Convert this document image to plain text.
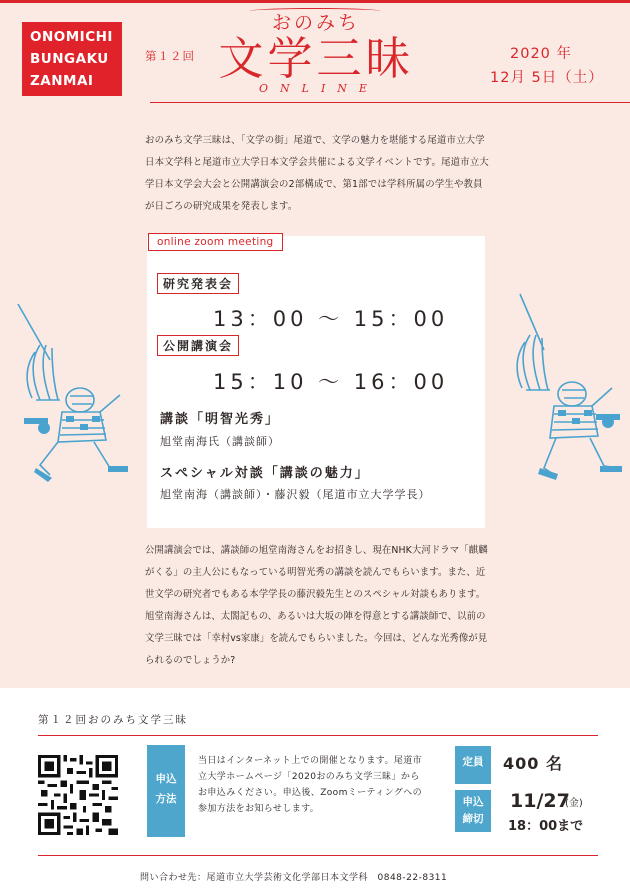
ONOMICHI
BUNGAKU
ZANMAI
第１２回
おのみち
文学三昧
ONLINE
2020 年
12月 5日（土）
おのみち文学三昧は、「文学の街」尾道で、文学の魅力を堪能する尾道市立大学日本文学科と尾道市立大学日本文学会共催による文学イベントです。尾道市立大学日本文学会大会と公開講演会の2部構成で、第1部では学科所属の学生や教員が日ごろの研究成果を発表します。
online zoom meeting
研究発表会
13：00 〜 15：00
公開講演会
15：10 〜 16：00
講談「明智光秀」
旭堂南海氏（講談師）
スペシャル対談「講談の魅力」
旭堂南海（講談師）・藤沢毅（尾道市立大学学長）
公開講演会では、講談師の旭堂南海さんをお招きし、現在NHK大河ドラマ「麒麟がくる」の主人公にもなっている明智光秀の講談を読んでもらいます。また、近世文学の研究者でもある本学学長の藤沢毅先生とのスペシャル対談もあります。旭堂南海さんは、太閤記もの、あるいは大坂の陣を得意とする講談師で、以前の文学三昧では「幸村vs家康」を読んでもらいました。今回は、どんな光秀像が見られるのでしょうか?
第１２回おのみち文学三昧
申込
方法
当日はインターネット上での開催となります。尾道市立大学ホームページ「2020おのみち文学三昧」からお申込みください。申込後、Zoomミーティングへの参加方法をお知らせします。
定員	400 名
申込
締切
11/27
(金)
18：00まで
問い合わせ先：尾道市立大学芸術文化学部日本文学科　0848-22-8311
